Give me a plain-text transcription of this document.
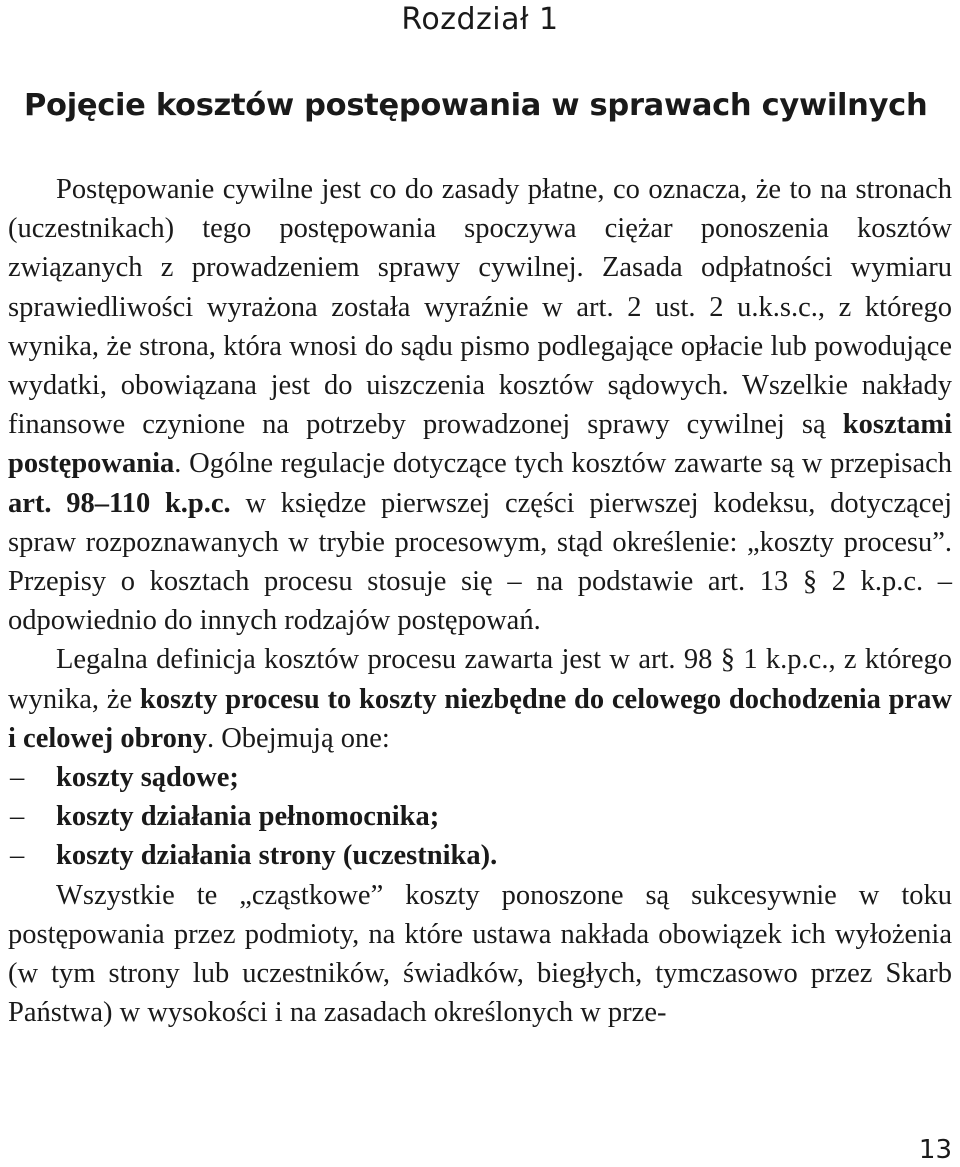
Rozdział 1
Pojęcie kosztów postępowania w sprawach cywilnych

Postępowanie cywilne jest co do zasady płatne, co oznacza, że to na stronach (uczestnikach) tego postępowania spoczywa ciężar ponoszenia kosztów związanych z prowadzeniem sprawy cywilnej. Zasada odpłatności wymiaru sprawiedliwości wyrażona została wyraźnie w art. 2 ust. 2 u.k.s.c., z którego wynika, że strona, która wnosi do sądu pismo podlegające opłacie lub powodujące wydatki, obowiązana jest do uiszczenia kosztów sądowych. Wszelkie nakłady finansowe czynione na potrzeby prowadzonej sprawy cywilnej są kosztami postępowania. Ogólne regulacje dotyczące tych kosztów zawarte są w przepisach art. 98–110 k.p.c. w księdze pierwszej części pierwszej kodeksu, dotyczącej spraw rozpoznawanych w trybie procesowym, stąd określenie: „koszty procesu”. Przepisy o kosztach procesu stosuje się – na podstawie art. 13 § 2 k.p.c. – odpowiednio do innych rodzajów postępowań.

Legalna definicja kosztów procesu zawarta jest w art. 98 § 1 k.p.c., z którego wynika, że koszty procesu to koszty niezbędne do celowego dochodzenia praw i celowej obrony. Obejmują one:

– koszty sądowe;
– koszty działania pełnomocnika;
– koszty działania strony (uczestnika).

Wszystkie te „cząstkowe” koszty ponoszone są sukcesywnie w toku postępowania przez podmioty, na które ustawa nakłada obowiązek ich wyłożenia (w tym strony lub uczestników, świadków, biegłych, tymczasowo przez Skarb Państwa) w wysokości i na zasadach określonych w prze-

13
